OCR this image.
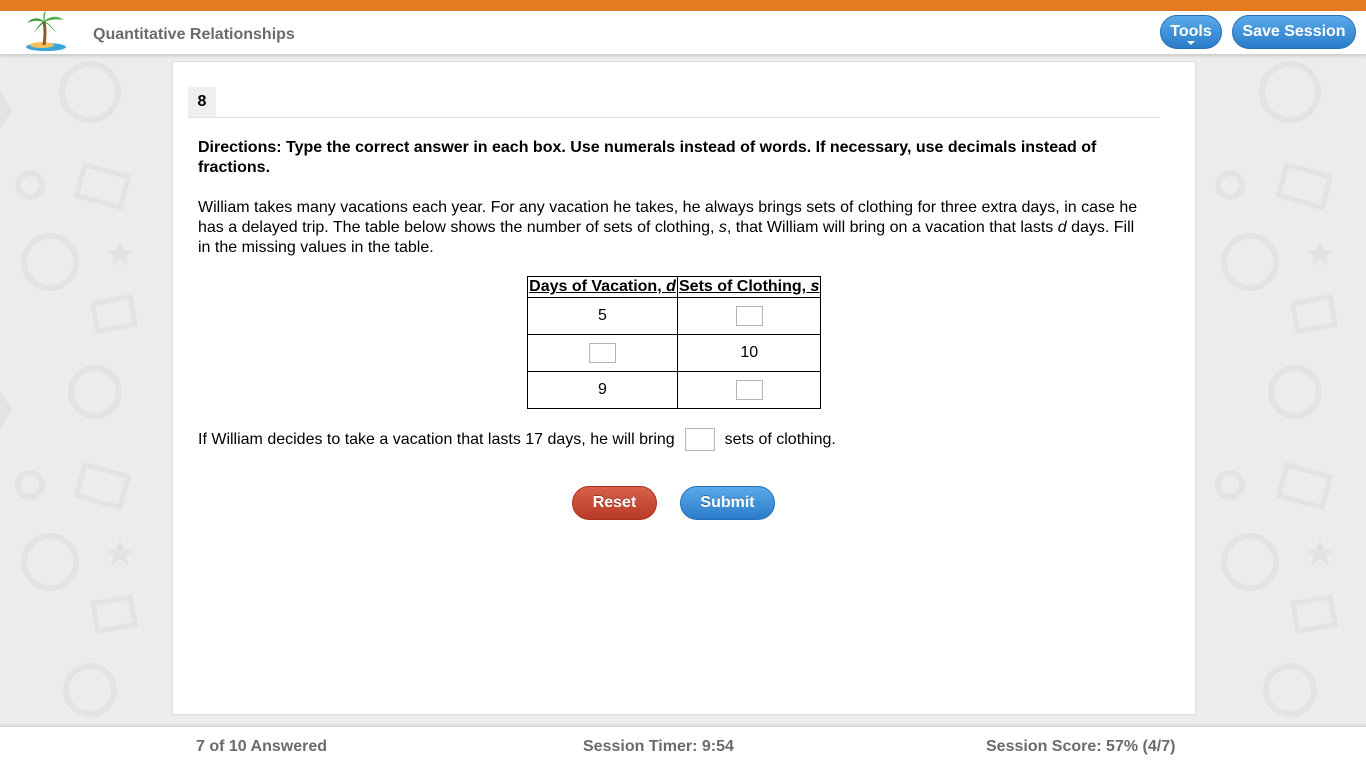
Quantitative Relationships	Tools	Save Session
8
Directions: Type the correct answer in each box. Use numerals instead of words. If necessary, use decimals instead of fractions.
William takes many vacations each year. For any vacation he takes, he always brings sets of clothing for three extra days, in case he has a delayed trip. The table below shows the number of sets of clothing, s, that William will bring on a vacation that lasts d days. Fill in the missing values in the table.
Days of Vacation, d	Sets of Clothing, s
5	
	10
9	
If William decides to take a vacation that lasts 17 days, he will bring	sets of clothing.
Reset	Submit
7 of 10 Answered	Session Timer: 9:54	Session Score: 57% (4/7)
